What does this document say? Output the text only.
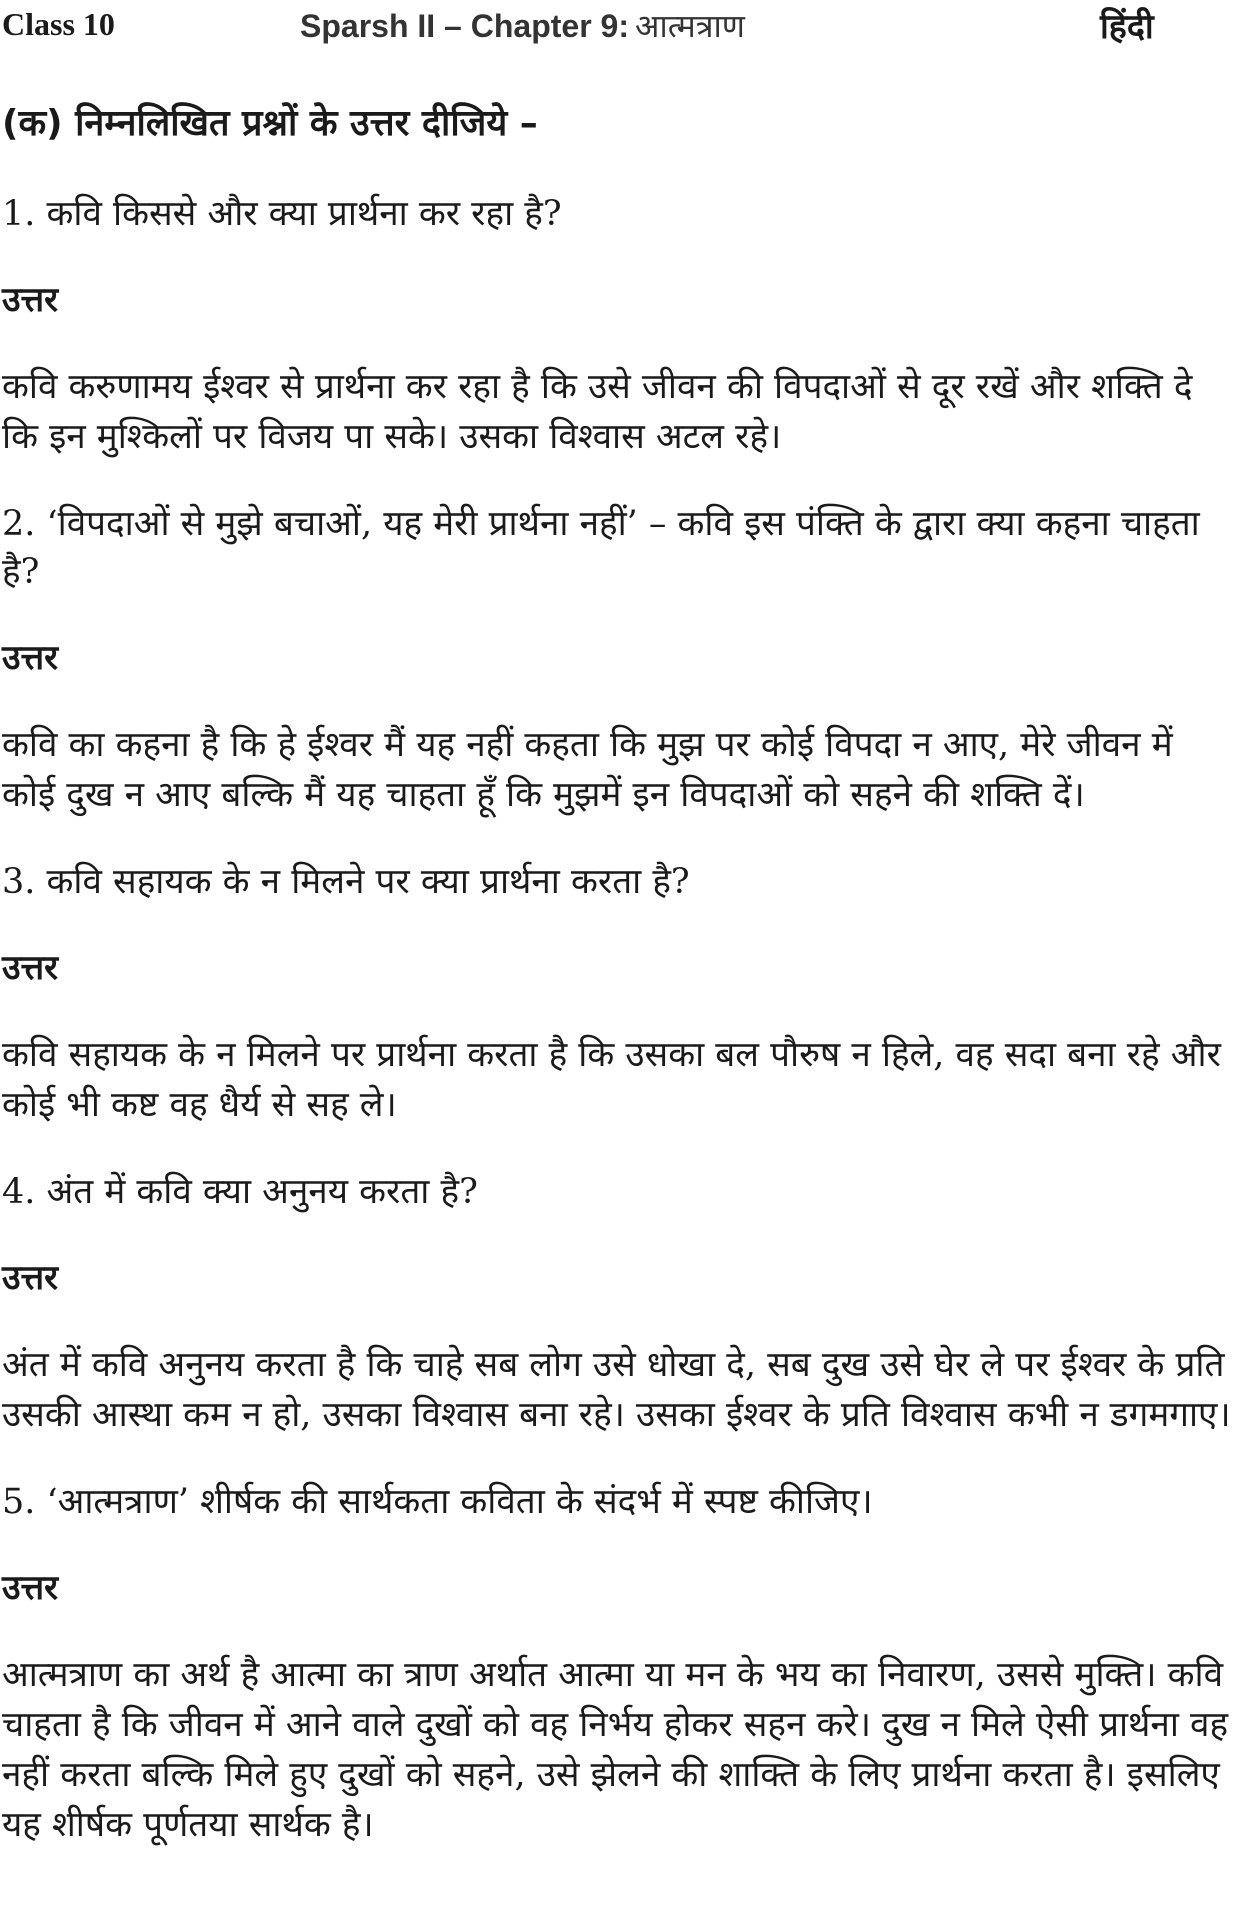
Class 10	Sparsh II – Chapter 9: आत्मत्राण	हिंदी
(क) निम्नलिखित प्रश्नों के उत्तर दीजिये –
1. कवि किससे और क्या प्रार्थना कर रहा है?
उत्तर
कवि करुणामय ईश्वर से प्रार्थना कर रहा है कि उसे जीवन की विपदाओं से दूर रखें और शक्ति दे कि इन मुश्किलों पर विजय पा सके। उसका विश्वास अटल रहे।
2. ‘विपदाओं से मुझे बचाओं, यह मेरी प्रार्थना नहीं’ – कवि इस पंक्ति के द्वारा क्या कहना चाहता है?
उत्तर
कवि का कहना है कि हे ईश्वर मैं यह नहीं कहता कि मुझ पर कोई विपदा न आए, मेरे जीवन में कोई दुख न आए बल्कि मैं यह चाहता हूँ कि मुझमें इन विपदाओं को सहने की शक्ति दें।
3. कवि सहायक के न मिलने पर क्या प्रार्थना करता है?
उत्तर
कवि सहायक के न मिलने पर प्रार्थना करता है कि उसका बल पौरुष न हिले, वह सदा बना रहे और कोई भी कष्ट वह धैर्य से सह ले।
4. अंत में कवि क्या अनुनय करता है?
उत्तर
अंत में कवि अनुनय करता है कि चाहे सब लोग उसे धोखा दे, सब दुख उसे घेर ले पर ईश्वर के प्रति उसकी आस्था कम न हो, उसका विश्वास बना रहे। उसका ईश्वर के प्रति विश्वास कभी न डगमगाए।
5. ‘आत्मत्राण’ शीर्षक की सार्थकता कविता के संदर्भ में स्पष्ट कीजिए।
उत्तर
आत्मत्राण का अर्थ है आत्मा का त्राण अर्थात आत्मा या मन के भय का निवारण, उससे मुक्ति। कवि चाहता है कि जीवन में आने वाले दुखों को वह निर्भय होकर सहन करे। दुख न मिले ऐसी प्रार्थना वह नहीं करता बल्कि मिले हुए दुखों को सहने, उसे झेलने की शाक्ति के लिए प्रार्थना करता है। इसलिए यह शीर्षक पूर्णतया सार्थक है।
